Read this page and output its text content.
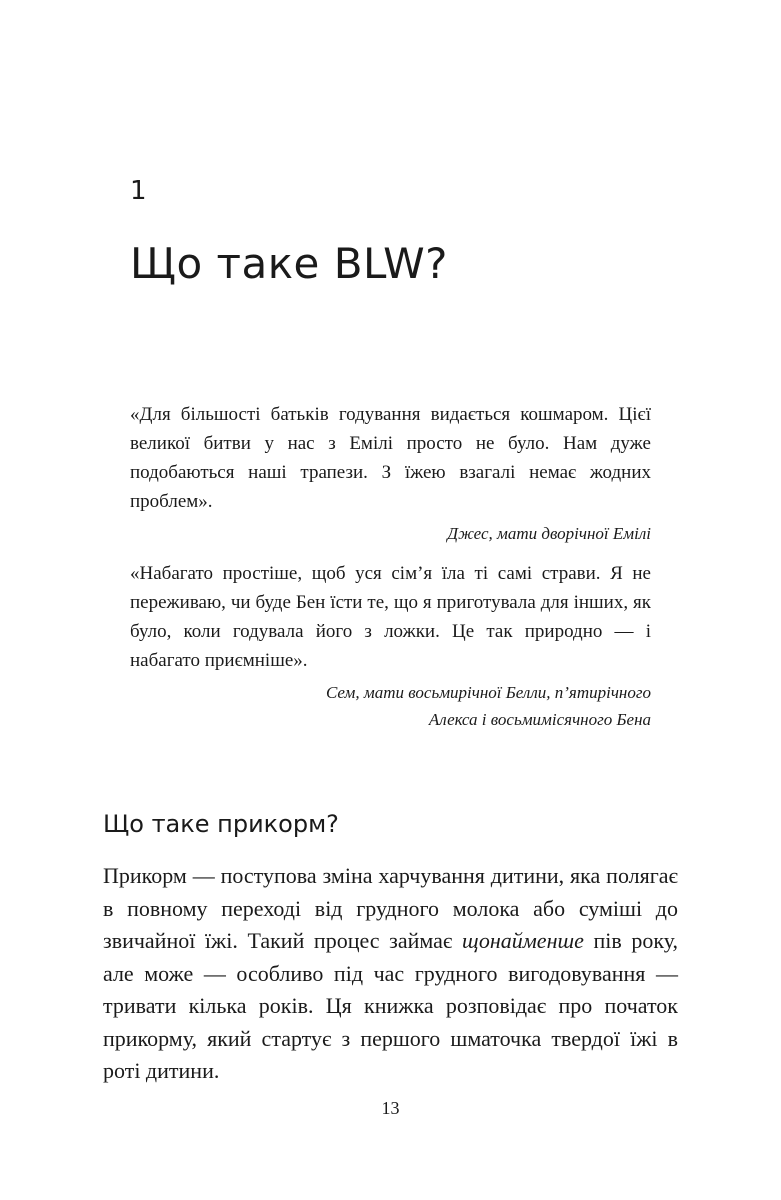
1
Що таке BLW?

«Для більшості батьків годування видається кошмаром. Цієї великої битви у нас з Емілі просто не було. Нам дуже подобаються наші трапези. З їжею взагалі немає жодних проблем».

Джес, мати дворічної Емілі

«Набагато простіше, щоб уся сім’я їла ті самі страви. Я не переживаю, чи буде Бен їсти те, що я приготувала для інших, як було, коли годувала його з ложки. Це так природно — і набагато приємніше».

Сем, мати восьмирічної Белли, п’ятирічного
Алекса і восьмимісячного Бена

Що таке прикорм?

Прикорм — поступова зміна харчування дитини, яка полягає в повному переході від грудного молока або суміші до звичайної їжі. Такий процес займає щонайменше пів року, але може — особливо під час грудного вигодовування — тривати кілька років. Ця книжка розповідає про початок прикорму, який стартує з першого шматочка твердої їжі в роті дитини.

13
